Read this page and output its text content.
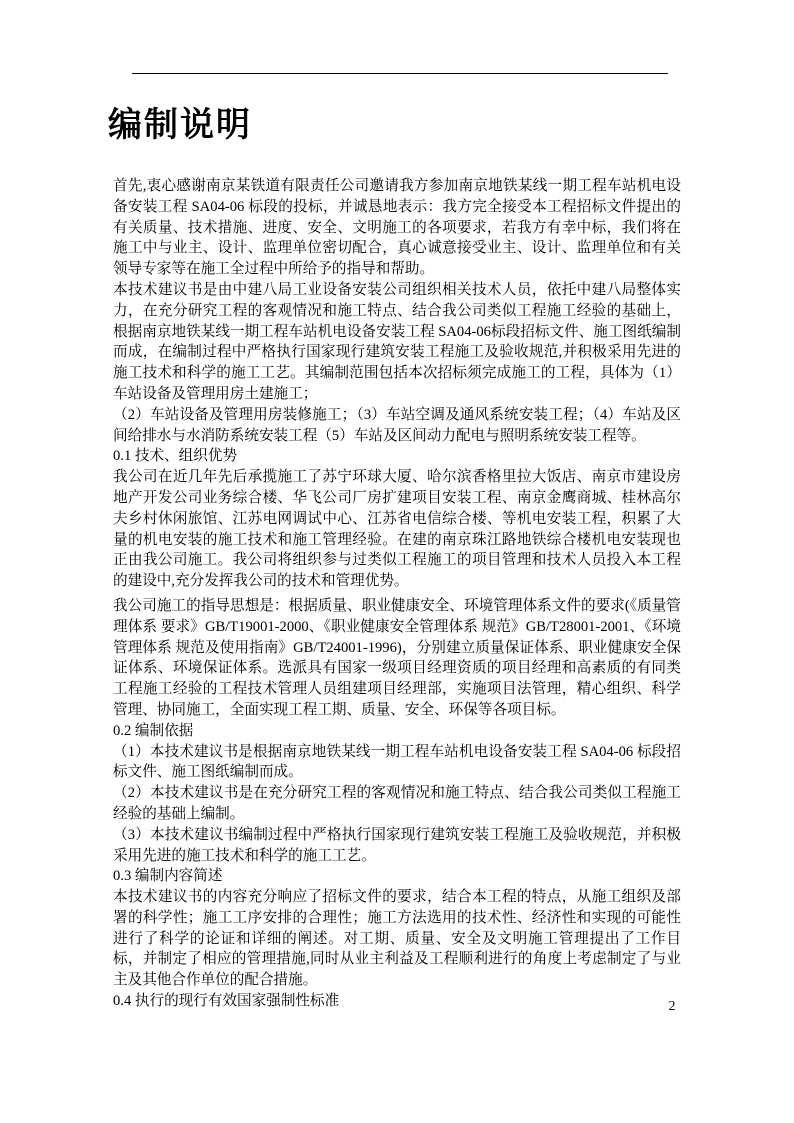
编制说明

首先,衷心感谢南京某铁道有限责任公司邀请我方参加南京地铁某线一期工程车站机电设备安装工程 SA04-06 标段的投标，并诚恳地表示：我方完全接受本工程招标文件提出的有关质量、技术措施、进度、安全、文明施工的各项要求，若我方有幸中标，我们将在施工中与业主、设计、监理单位密切配合，真心诚意接受业主、设计、监理单位和有关领导专家等在施工全过程中所给予的指导和帮助。

本技术建议书是由中建八局工业设备安装公司组织相关技术人员，依托中建八局整体实力，在充分研究工程的客观情况和施工特点、结合我公司类似工程施工经验的基础上，根据南京地铁某线一期工程车站机电设备安装工程 SA04-06标段招标文件、施工图纸编制而成，在编制过程中严格执行国家现行建筑安装工程施工及验收规范,并积极采用先进的施工技术和科学的施工工艺。其编制范围包括本次招标须完成施工的工程，具体为（1）车站设备及管理用房土建施工；

（2）车站设备及管理用房装修施工；（3）车站空调及通风系统安装工程；（4）车站及区间给排水与水消防系统安装工程（5）车站及区间动力配电与照明系统安装工程等。

0.1 技术、组织优势

我公司在近几年先后承揽施工了苏宁环球大厦、哈尔滨香格里拉大饭店、南京市建设房地产开发公司业务综合楼、华飞公司厂房扩建项目安装工程、南京金鹰商城、桂林高尔夫乡村休闲旅馆、江苏电网调试中心、江苏省电信综合楼、等机电安装工程，积累了大量的机电安装的施工技术和施工管理经验。在建的南京珠江路地铁综合楼机电安装现也正由我公司施工。我公司将组织参与过类似工程施工的项目管理和技术人员投入本工程的建设中,充分发挥我公司的技术和管理优势。

我公司施工的指导思想是：根据质量、职业健康安全、环境管理体系文件的要求(《质量管理体系 要求》GB/T19001-2000、《职业健康安全管理体系 规范》GB/T28001-2001、《环境管理体系 规范及使用指南》GB/T24001-1996)，分别建立质量保证体系、职业健康安全保证体系、环境保证体系。选派具有国家一级项目经理资质的项目经理和高素质的有同类工程施工经验的工程技术管理人员组建项目经理部，实施项目法管理，精心组织、科学管理、协同施工，全面实现工程工期、质量、安全、环保等各项目标。

0.2 编制依据

（1）本技术建议书是根据南京地铁某线一期工程车站机电设备安装工程 SA04-06 标段招标文件、施工图纸编制而成。

（2）本技术建议书是在充分研究工程的客观情况和施工特点、结合我公司类似工程施工经验的基础上编制。

（3）本技术建议书编制过程中严格执行国家现行建筑安装工程施工及验收规范，并积极采用先进的施工技术和科学的施工工艺。

0.3 编制内容简述

本技术建议书的内容充分响应了招标文件的要求，结合本工程的特点，从施工组织及部署的科学性；施工工序安排的合理性；施工方法选用的技术性、经济性和实现的可能性进行了科学的论证和详细的阐述。对工期、质量、安全及文明施工管理提出了工作目标，并制定了相应的管理措施,同时从业主利益及工程顺利进行的角度上考虑制定了与业主及其他合作单位的配合措施。

0.4 执行的现行有效国家强制性标准	2
